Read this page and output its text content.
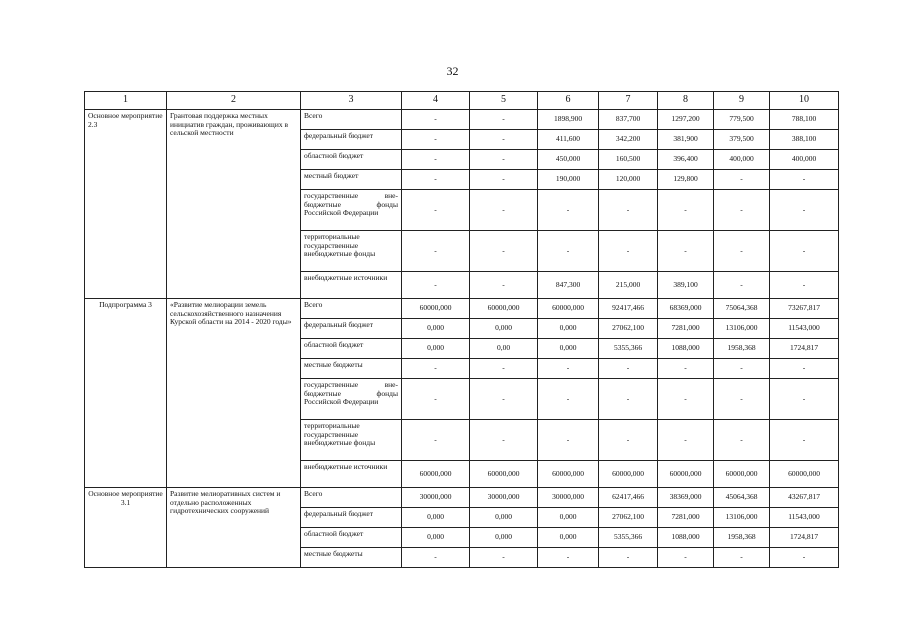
32
1	2	3	4	5	6	7	8	9	10
Основное мероприятие 2.3	Грантовая поддержка местных инициатив граждан, проживающих в сельской местности	Всего	-	-	1898,900	837,700	1297,200	779,500	788,100
		федеральный бюджет	-	-	411,600	342,200	381,900	379,500	388,100
		областной бюджет	-	-	450,000	160,500	396,400	400,000	400,000
		местный бюджет	-	-	190,000	120,000	129,800	-	-
		государственные вне-бюджетные фонды Российской Федерации	-	-	-	-	-	-	-
		территориальные государственные внебюджетные фонды	-	-	-	-	-	-	-
		внебюджетные источники	-	-	847,300	215,000	389,100	-	-
Подпрограмма 3	«Развитие мелиорации земель сельскохозяйственного назначения Курской области на 2014 - 2020 годы»	Всего	60000,000	60000,000	60000,000	92417,466	68369,000	75064,368	73267,817
		федеральный бюджет	0,000	0,000	0,000	27062,100	7281,000	13106,000	11543,000
		областной бюджет	0,000	0,00	0,000	5355,366	1088,000	1958,368	1724,817
		местные бюджеты	-	-	-	-	-	-	-
		государственные вне-бюджетные фонды Российской Федерации	-	-	-	-	-	-	-
		территориальные государственные внебюджетные фонды	-	-	-	-	-	-	-
		внебюджетные источники	60000,000	60000,000	60000,000	60000,000	60000,000	60000,000	60000,000
Основное мероприятие 3.1	Развитие мелиоративных систем и отдельно расположенных гидротехнических сооружений	Всего	30000,000	30000,000	30000,000	62417,466	38369,000	45064,368	43267,817
		федеральный бюджет	0,000	0,000	0,000	27062,100	7281,000	13106,000	11543,000
		областной бюджет	0,000	0,000	0,000	5355,366	1088,000	1958,368	1724,817
		местные бюджеты	-	-	-	-	-	-	-
